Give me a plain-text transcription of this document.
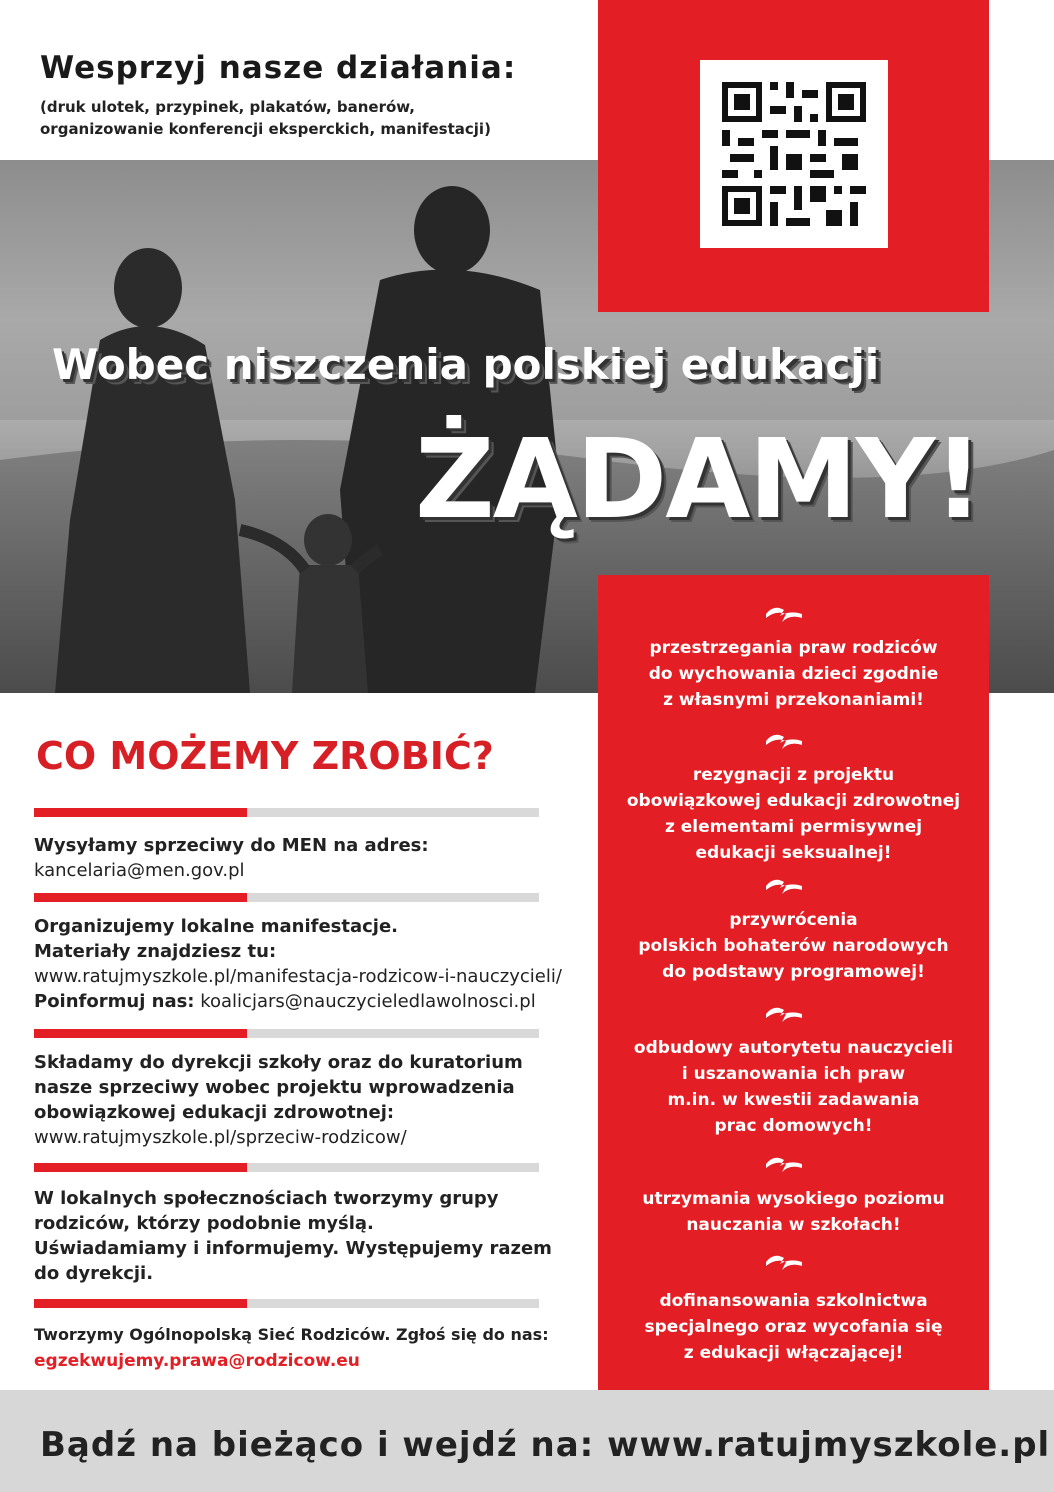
Wesprzyj nasze działania:
(druk ulotek, przypinek, plakatów, banerów,
organizowanie konferencji eksperckich, manifestacji)
Wobec niszczenia polskiej edukacji
ŻĄDAMY!
przestrzegania praw rodziców
do wychowania dzieci zgodnie
z własnymi przekonaniami!
rezygnacji z projektu
obowiązkowej edukacji zdrowotnej
z elementami permisywnej
edukacji seksualnej!
przywrócenia
polskich bohaterów narodowych
do podstawy programowej!
odbudowy autorytetu nauczycieli
i uszanowania ich praw
m.in. w kwestii zadawania
prac domowych!
utrzymania wysokiego poziomu
nauczania w szkołach!
dofinansowania szkolnictwa
specjalnego oraz wycofania się
z edukacji włączającej!
CO MOŻEMY ZROBIĆ?
Wysyłamy sprzeciwy do MEN na adres:
kancelaria@men.gov.pl
Organizujemy lokalne manifestacje.
Materiały znajdziesz tu:
www.ratujmyszkole.pl/manifestacja-rodzicow-i-nauczycieli/
Poinformuj nas: koalicjars@nauczycieledlawolnosci.pl
Składamy do dyrekcji szkoły oraz do kuratorium
nasze sprzeciwy wobec projektu wprowadzenia
obowiązkowej edukacji zdrowotnej:
www.ratujmyszkole.pl/sprzeciw-rodzicow/
W lokalnych społecznościach tworzymy grupy
rodziców, którzy podobnie myślą.
Uświadamiamy i informujemy. Występujemy razem
do dyrekcji.
Tworzymy Ogólnopolską Sieć Rodziców. Zgłoś się do nas:
egzekwujemy.prawa@rodzicow.eu
Bądź na bieżąco i wejdź na: www.ratujmyszkole.pl
